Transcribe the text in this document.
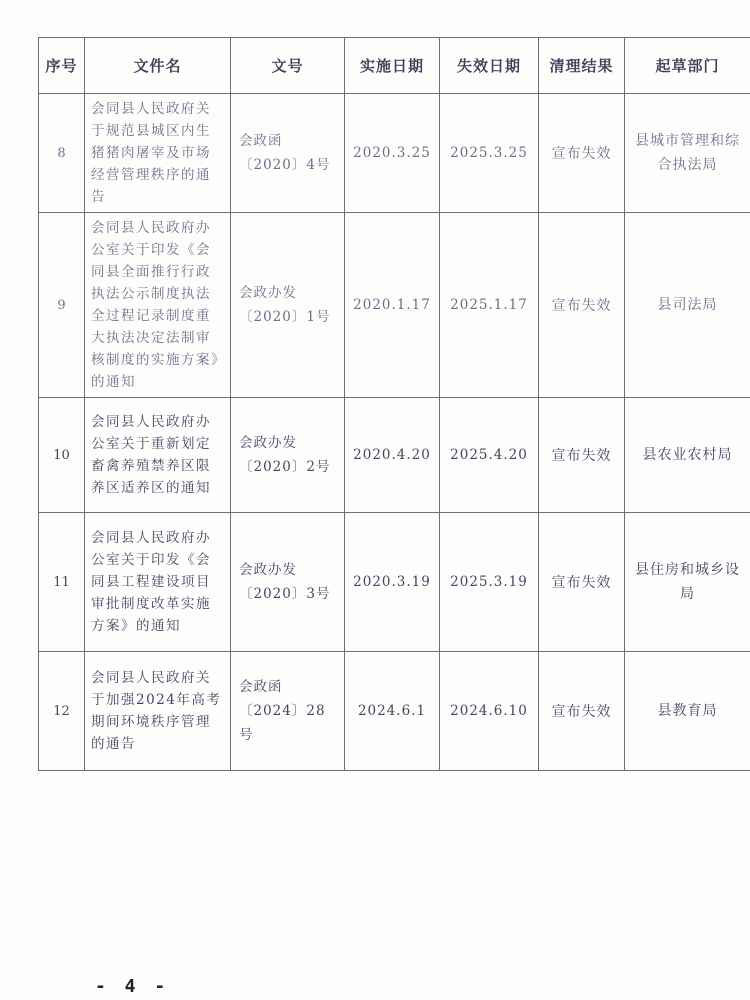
序号	文件名	文号	实施日期	失效日期	清理结果	起草部门
8	会同县人民政府关于规范县城区内生猪猪肉屠宰及市场经营管理秩序的通告	会政函〔2020〕4号	2020.3.25	2025.3.25	宣布失效	县城市管理和综合执法局
9	会同县人民政府办公室关于印发《会同县全面推行行政执法公示制度执法全过程记录制度重大执法决定法制审核制度的实施方案》的通知	会政办发〔2020〕1号	2020.1.17	2025.1.17	宣布失效	县司法局
10	会同县人民政府办公室关于重新划定畜禽养殖禁养区限养区适养区的通知	会政办发〔2020〕2号	2020.4.20	2025.4.20	宣布失效	县农业农村局
11	会同县人民政府办公室关于印发《会同县工程建设项目审批制度改革实施方案》的通知	会政办发〔2020〕3号	2020.3.19	2025.3.19	宣布失效	县住房和城乡设局
12	会同县人民政府关于加强2024年高考期间环境秩序管理的通告	会政函〔2024〕28号	2024.6.1	2024.6.10	宣布失效	县教育局
- 4 -
